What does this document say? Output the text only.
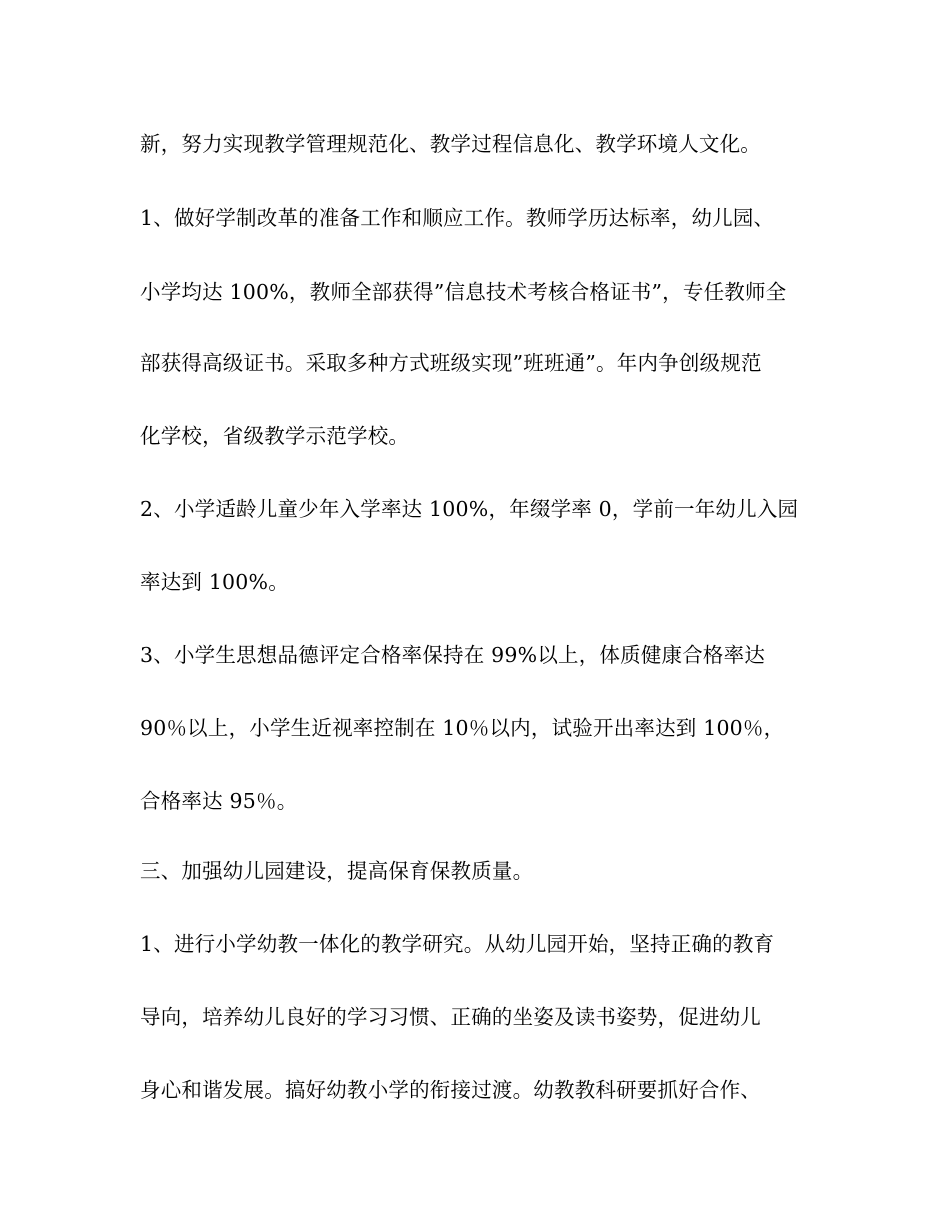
新，努力实现教学管理规范化、教学过程信息化、教学环境人文化。

1、做好学制改革的准备工作和顺应工作。教师学历达标率，幼儿园、

小学均达 100%，教师全部获得”信息技术考核合格证书”，专任教师全

部获得高级证书。采取多种方式班级实现”班班通”。年内争创级规范

化学校，省级教学示范学校。

2、小学适龄儿童少年入学率达 100%，年缀学率 0，学前一年幼儿入园

率达到 100%。

3、小学生思想品德评定合格率保持在 99%以上，体质健康合格率达

90％以上，小学生近视率控制在 10％以内，试验开出率达到 100％，

合格率达 95％。

三、加强幼儿园建设，提高保育保教质量。

1、进行小学幼教一体化的教学研究。从幼儿园开始，坚持正确的教育

导向，培养幼儿良好的学习习惯、正确的坐姿及读书姿势，促进幼儿

身心和谐发展。搞好幼教小学的衔接过渡。幼教教科研要抓好合作、
